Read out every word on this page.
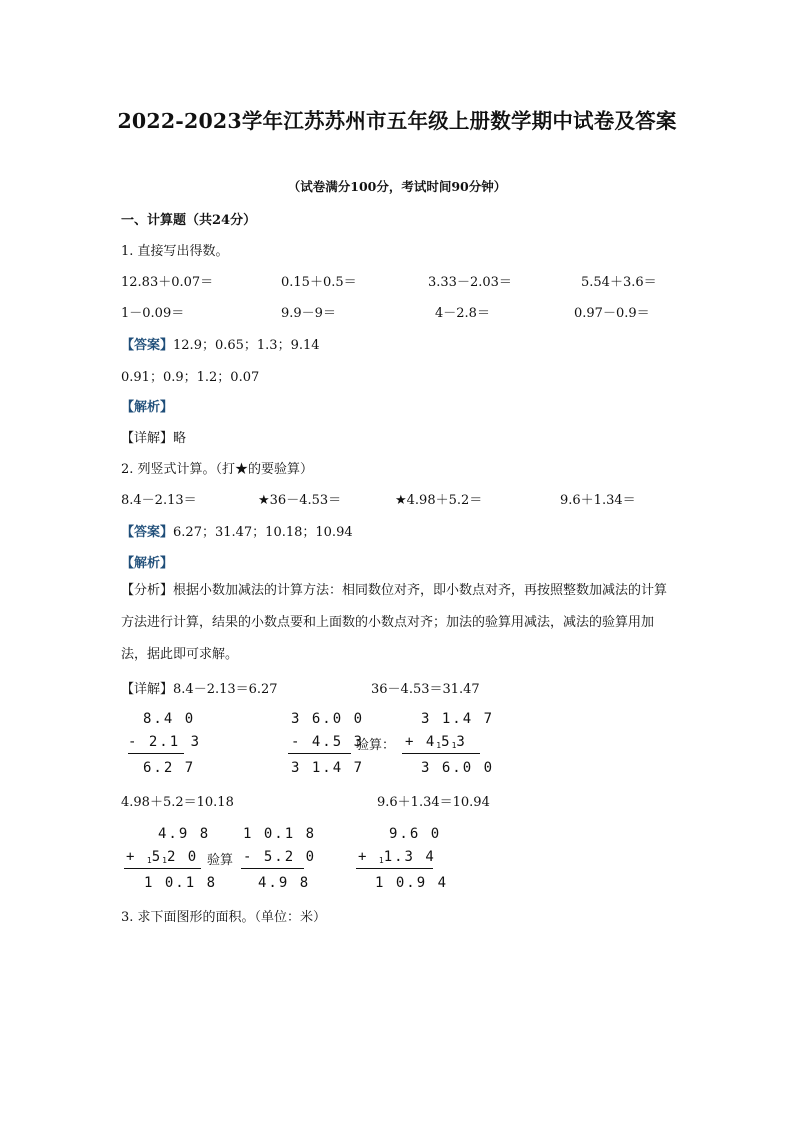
2022-2023学年江苏苏州市五年级上册数学期中试卷及答案
（试卷满分100分，考试时间90分钟）
一、计算题（共24分）
1. 直接写出得数。
12.83＋0.07＝	0.15＋0.5＝	3.33－2.03＝	5.54＋3.6＝
1－0.09＝	9.9－9＝	4－2.8＝	0.97－0.9＝
【答案】12.9；0.65；1.3；9.14
0.91；0.9；1.2；0.07
【解析】
【详解】略
2. 列竖式计算。（打★的要验算）
8.4－2.13＝	★36－4.53＝	★4.98＋5.2＝	9.6＋1.34＝
【答案】6.27；31.47；10.18；10.94
【解析】
【分析】根据小数加减法的计算方法：相同数位对齐，即小数点对齐，再按照整数加减法的计算方法进行计算，结果的小数点要和上面数的小数点对齐；加法的验算用减法，减法的验算用加法，据此即可求解。
【详解】8.4－2.13＝6.27	36－4.53＝31.47
8.4 0
- 2.1 3
6.2 7
3 6.0 0
- 4.5 3
3 1.4 7
验算：
3 1.4 7
+ 41513
3 6.0 0
4.98＋5.2＝10.18	9.6＋1.34＝10.94
4.9 8
+ 1512 0
1 0.1 8
验算
1 0.1 8
- 5.2 0
4.9 8
9.6 0
+ 11.3 4
1 0.9 4
3. 求下面图形的面积。（单位：米）
